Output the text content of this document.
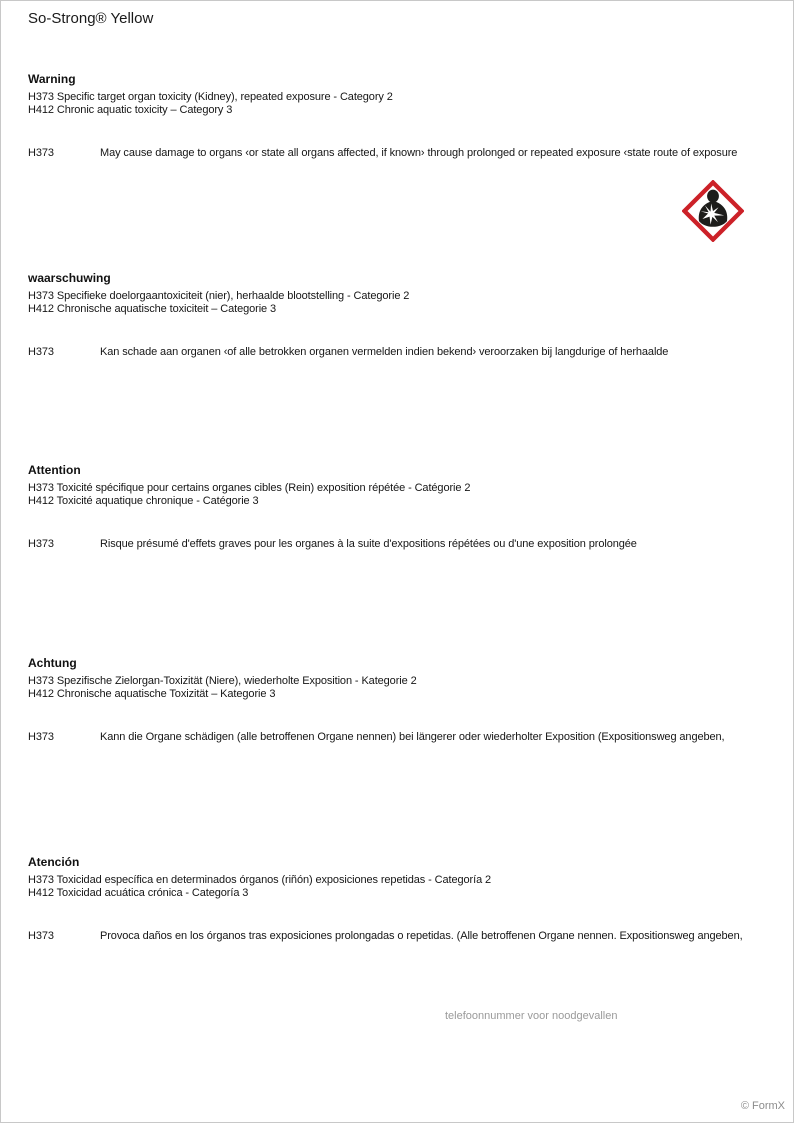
So-Strong® Yellow
Warning
H373 Specific target organ toxicity (Kidney), repeated exposure - Category 2
H412 Chronic aquatic toxicity – Category 3
H373	May cause damage to organs ‹or state all organs affected, if known› through prolonged or repeated exposure ‹state route of exposure
waarschuwing
H373 Specifieke doelorgaantoxiciteit (nier), herhaalde blootstelling - Categorie 2
H412 Chronische aquatische toxiciteit – Categorie 3
H373	Kan schade aan organen ‹of alle betrokken organen vermelden indien bekend› veroorzaken bij langdurige of herhaalde
Attention
H373 Toxicité spécifique pour certains organes cibles (Rein) exposition répétée - Catégorie 2
H412 Toxicité aquatique chronique - Catégorie 3
H373	Risque présumé d'effets graves pour les organes à la suite d'expositions répétées ou d'une exposition prolongée
Achtung
H373 Spezifische Zielorgan-Toxizität (Niere), wiederholte Exposition - Kategorie 2
H412 Chronische aquatische Toxizität – Kategorie 3
H373	Kann die Organe schädigen (alle betroffenen Organe nennen) bei längerer oder wiederholter Exposition (Expositionsweg angeben,
Atención
H373 Toxicidad específica en determinados órganos (riñón) exposiciones repetidas - Categoría 2
H412 Toxicidad acuática crónica - Categoría 3
H373	Provoca daños en los órganos tras exposiciones prolongadas o repetidas. (Alle betroffenen Organe nennen. Expositionsweg angeben,
telefoonnummer voor noodgevallen
© FormX
